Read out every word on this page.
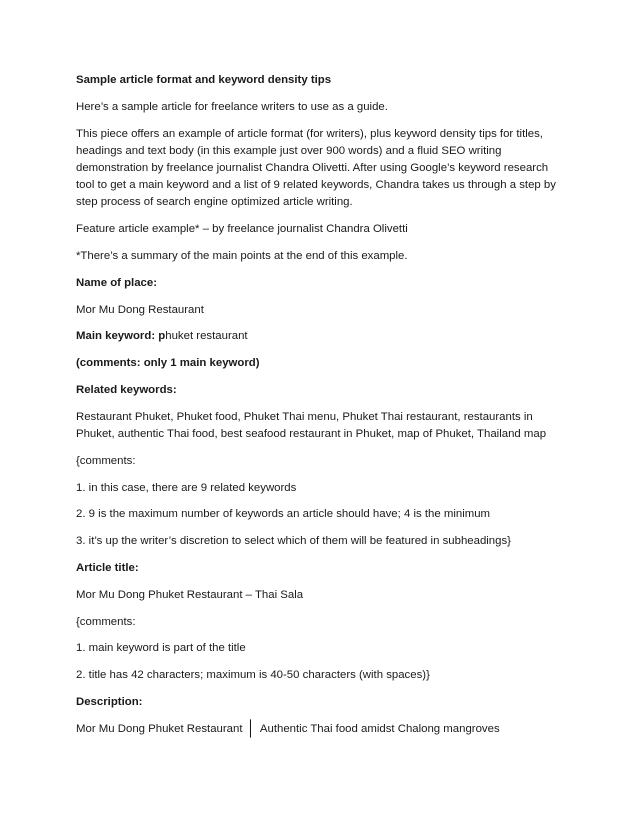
Sample article format and keyword density tips

Here’s a sample article for freelance writers to use as a guide.

This piece offers an example of article format (for writers), plus keyword density tips for titles, headings and text body (in this example just over 900 words) and a fluid SEO writing demonstration by freelance journalist Chandra Olivetti. After using Google’s keyword research tool to get a main keyword and a list of 9 related keywords, Chandra takes us through a step by step process of search engine optimized article writing.

Feature article example* – by freelance journalist Chandra Olivetti

*There’s a summary of the main points at the end of this example.

Name of place:

Mor Mu Dong Restaurant

Main keyword: phuket restaurant

(comments: only 1 main keyword)

Related keywords:

Restaurant Phuket, Phuket food, Phuket Thai menu, Phuket Thai restaurant, restaurants in Phuket, authentic Thai food, best seafood restaurant in Phuket, map of Phuket, Thailand map

{comments:

1. in this case, there are 9 related keywords

2. 9 is the maximum number of keywords an article should have; 4 is the minimum

3. it’s up the writer’s discretion to select which of them will be featured in subheadings}

Article title:

Mor Mu Dong Phuket Restaurant – Thai Sala

{comments:

1. main keyword is part of the title

2. title has 42 characters; maximum is 40-50 characters (with spaces)}

Description:

Mor Mu Dong Phuket Restaurant │ Authentic Thai food amidst Chalong mangroves
